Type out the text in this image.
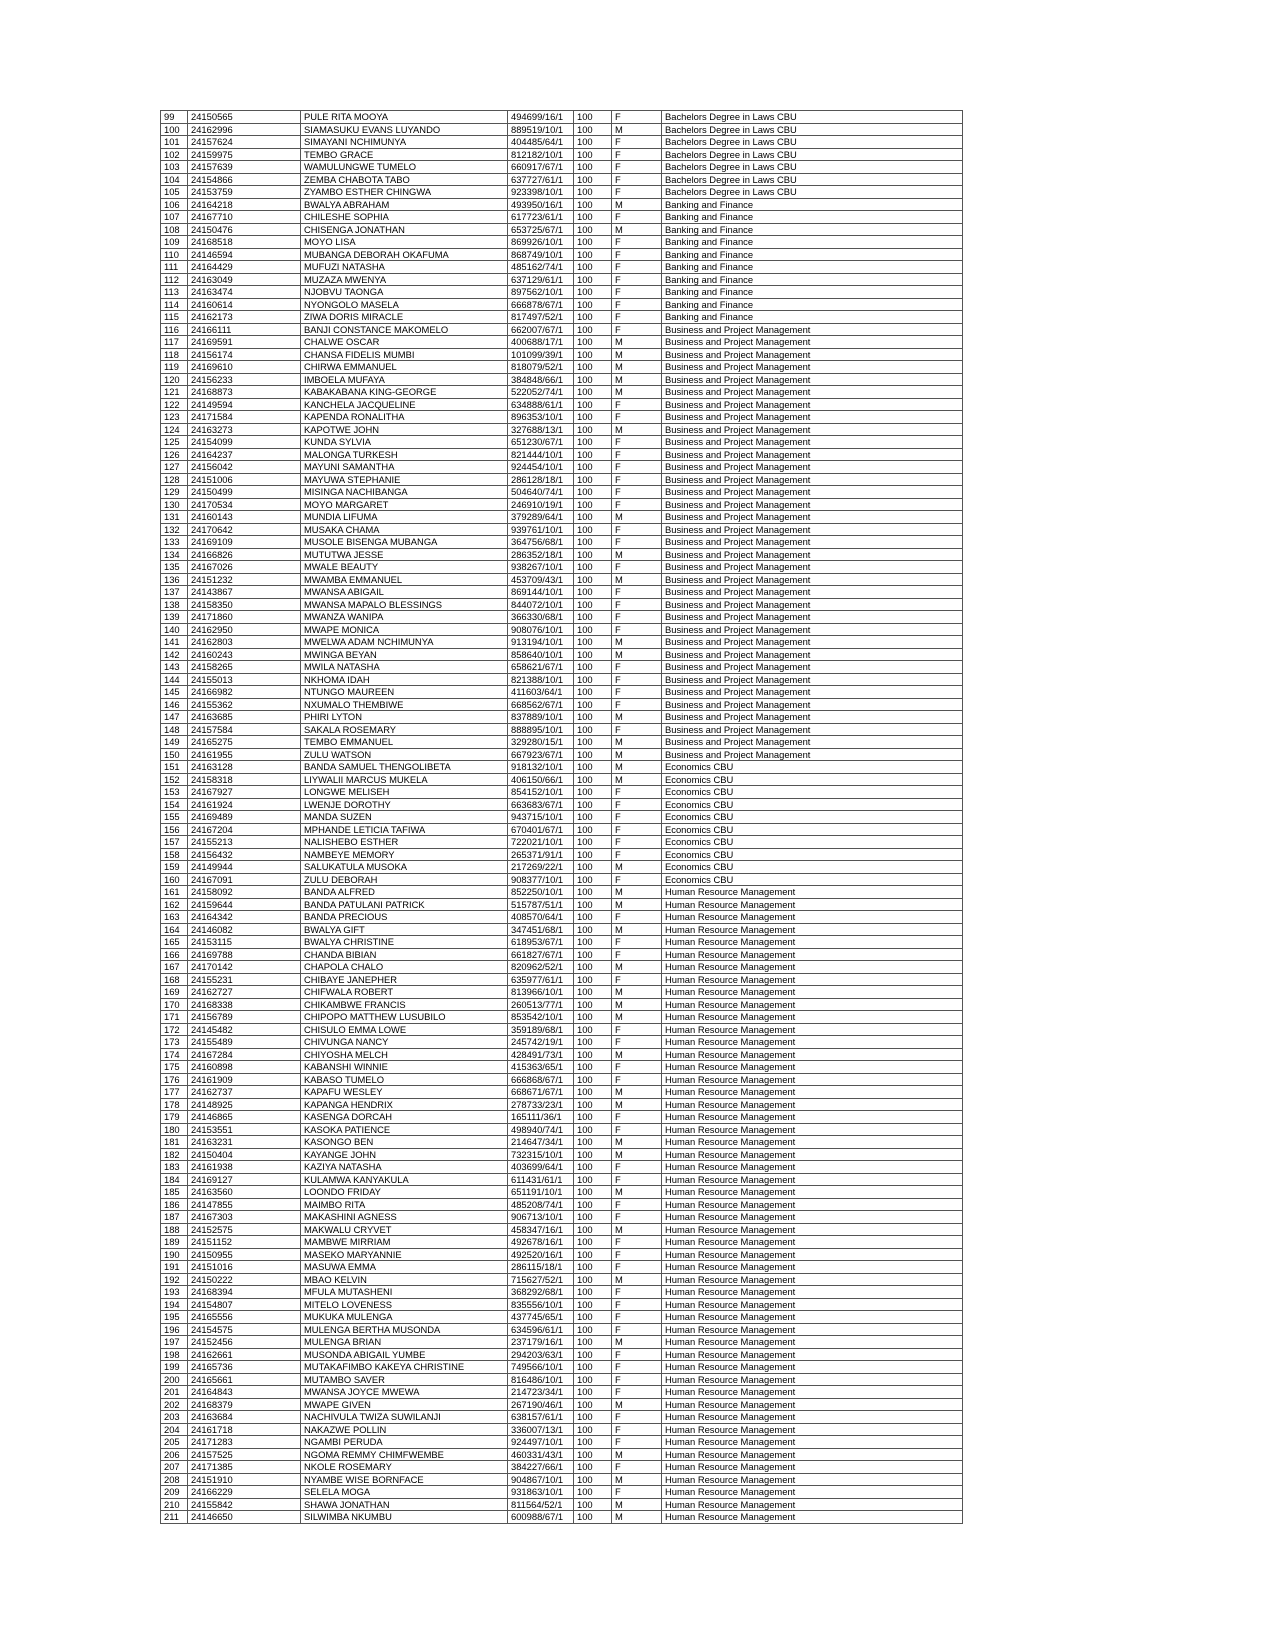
99	24150565	PULE RITA MOOYA	494699/16/1	100	F	Bachelors Degree in Laws CBU
100	24162996	SIAMASUKU EVANS LUYANDO	889519/10/1	100	M	Bachelors Degree in Laws CBU
101	24157624	SIMAYANI NCHIMUNYA	404485/64/1	100	F	Bachelors Degree in Laws CBU
102	24159975	TEMBO GRACE	812182/10/1	100	F	Bachelors Degree in Laws CBU
103	24157639	WAMULUNGWE TUMELO	660917/67/1	100	F	Bachelors Degree in Laws CBU
104	24154866	ZEMBA CHABOTA TABO	637727/61/1	100	F	Bachelors Degree in Laws CBU
105	24153759	ZYAMBO ESTHER CHINGWA	923398/10/1	100	F	Bachelors Degree in Laws CBU
106	24164218	BWALYA ABRAHAM	493950/16/1	100	M	Banking and Finance
107	24167710	CHILESHE SOPHIA	617723/61/1	100	F	Banking and Finance
108	24150476	CHISENGA JONATHAN	653725/67/1	100	M	Banking and Finance
109	24168518	MOYO LISA	869926/10/1	100	F	Banking and Finance
110	24146594	MUBANGA DEBORAH OKAFUMA	868749/10/1	100	F	Banking and Finance
111	24164429	MUFUZI NATASHA	485162/74/1	100	F	Banking and Finance
112	24163049	MUZAZA MWENYA	637129/61/1	100	F	Banking and Finance
113	24163474	NJOBVU TAONGA	897562/10/1	100	F	Banking and Finance
114	24160614	NYONGOLO MASELA	666878/67/1	100	F	Banking and Finance
115	24162173	ZIWA DORIS MIRACLE	817497/52/1	100	F	Banking and Finance
116	24166111	BANJI CONSTANCE MAKOMELO	662007/67/1	100	F	Business and Project Management
117	24169591	CHALWE OSCAR	400688/17/1	100	M	Business and Project Management
118	24156174	CHANSA FIDELIS MUMBI	101099/39/1	100	M	Business and Project Management
119	24169610	CHIRWA EMMANUEL	818079/52/1	100	M	Business and Project Management
120	24156233	IMBOELA MUFAYA	384848/66/1	100	M	Business and Project Management
121	24168873	KABAKABANA KING-GEORGE	522052/74/1	100	M	Business and Project Management
122	24149594	KANCHELA JACQUELINE	634888/61/1	100	F	Business and Project Management
123	24171584	KAPENDA RONALITHA	896353/10/1	100	F	Business and Project Management
124	24163273	KAPOTWE JOHN	327688/13/1	100	M	Business and Project Management
125	24154099	KUNDA SYLVIA	651230/67/1	100	F	Business and Project Management
126	24164237	MALONGA TURKESH	821444/10/1	100	F	Business and Project Management
127	24156042	MAYUNI SAMANTHA	924454/10/1	100	F	Business and Project Management
128	24151006	MAYUWA STEPHANIE	286128/18/1	100	F	Business and Project Management
129	24150499	MISINGA NACHIBANGA	504640/74/1	100	F	Business and Project Management
130	24170534	MOYO MARGARET	246910/19/1	100	F	Business and Project Management
131	24160143	MUNDIA LIFUMA	379289/64/1	100	M	Business and Project Management
132	24170642	MUSAKA CHAMA	939761/10/1	100	F	Business and Project Management
133	24169109	MUSOLE BISENGA MUBANGA	364756/68/1	100	F	Business and Project Management
134	24166826	MUTUTWA JESSE	286352/18/1	100	M	Business and Project Management
135	24167026	MWALE BEAUTY	938267/10/1	100	F	Business and Project Management
136	24151232	MWAMBA EMMANUEL	453709/43/1	100	M	Business and Project Management
137	24143867	MWANSA ABIGAIL	869144/10/1	100	F	Business and Project Management
138	24158350	MWANSA MAPALO BLESSINGS	844072/10/1	100	F	Business and Project Management
139	24171860	MWANZA WANIPA	366330/68/1	100	F	Business and Project Management
140	24162950	MWAPE MONICA	908076/10/1	100	F	Business and Project Management
141	24162803	MWELWA ADAM NCHIMUNYA	913194/10/1	100	M	Business and Project Management
142	24160243	MWINGA BEYAN	858640/10/1	100	M	Business and Project Management
143	24158265	MWILA NATASHA	658621/67/1	100	F	Business and Project Management
144	24155013	NKHOMA IDAH	821388/10/1	100	F	Business and Project Management
145	24166982	NTUNGO MAUREEN	411603/64/1	100	F	Business and Project Management
146	24155362	NXUMALO THEMBIWE	668562/67/1	100	F	Business and Project Management
147	24163685	PHIRI LYTON	837889/10/1	100	M	Business and Project Management
148	24157584	SAKALA ROSEMARY	888895/10/1	100	F	Business and Project Management
149	24165275	TEMBO EMMANUEL	329280/15/1	100	M	Business and Project Management
150	24161955	ZULU WATSON	667923/67/1	100	M	Business and Project Management
151	24163128	BANDA SAMUEL THENGOLIBETA	918132/10/1	100	M	Economics CBU
152	24158318	LIYWALII MARCUS MUKELA	406150/66/1	100	M	Economics CBU
153	24167927	LONGWE MELISEH	854152/10/1	100	F	Economics CBU
154	24161924	LWENJE DOROTHY	663683/67/1	100	F	Economics CBU
155	24169489	MANDA SUZEN	943715/10/1	100	F	Economics CBU
156	24167204	MPHANDE LETICIA TAFIWA	670401/67/1	100	F	Economics CBU
157	24155213	NALISHEBO ESTHER	722021/10/1	100	F	Economics CBU
158	24156432	NAMBEYE MEMORY	265371/91/1	100	F	Economics CBU
159	24149944	SALUKATULA MUSOKA	217269/22/1	100	M	Economics CBU
160	24167091	ZULU DEBORAH	908377/10/1	100	F	Economics CBU
161	24158092	BANDA ALFRED	852250/10/1	100	M	Human Resource Management
162	24159644	BANDA PATULANI PATRICK	515787/51/1	100	M	Human Resource Management
163	24164342	BANDA PRECIOUS	408570/64/1	100	F	Human Resource Management
164	24146082	BWALYA GIFT	347451/68/1	100	M	Human Resource Management
165	24153115	BWALYA CHRISTINE	618953/67/1	100	F	Human Resource Management
166	24169788	CHANDA BIBIAN	661827/67/1	100	F	Human Resource Management
167	24170142	CHAPOLA CHALO	820962/52/1	100	M	Human Resource Management
168	24155231	CHIBAYE JANEPHER	635977/61/1	100	F	Human Resource Management
169	24162727	CHIFWALA ROBERT	813966/10/1	100	M	Human Resource Management
170	24168338	CHIKAMBWE FRANCIS	260513/77/1	100	M	Human Resource Management
171	24156789	CHIPOPO MATTHEW LUSUBILO	853542/10/1	100	M	Human Resource Management
172	24145482	CHISULO EMMA LOWE	359189/68/1	100	F	Human Resource Management
173	24155489	CHIVUNGA NANCY	245742/19/1	100	F	Human Resource Management
174	24167284	CHIYOSHA MELCH	428491/73/1	100	M	Human Resource Management
175	24160898	KABANSHI WINNIE	415363/65/1	100	F	Human Resource Management
176	24161909	KABASO TUMELO	666868/67/1	100	F	Human Resource Management
177	24162737	KAPAFU WESLEY	668671/67/1	100	M	Human Resource Management
178	24148925	KAPANGA HENDRIX	278733/23/1	100	M	Human Resource Management
179	24146865	KASENGA DORCAH	165111/36/1	100	F	Human Resource Management
180	24153551	KASOKA PATIENCE	498940/74/1	100	F	Human Resource Management
181	24163231	KASONGO BEN	214647/34/1	100	M	Human Resource Management
182	24150404	KAYANGE JOHN	732315/10/1	100	M	Human Resource Management
183	24161938	KAZIYA NATASHA	403699/64/1	100	F	Human Resource Management
184	24169127	KULAMWA KANYAKULA	611431/61/1	100	F	Human Resource Management
185	24163560	LOONDO FRIDAY	651191/10/1	100	M	Human Resource Management
186	24147855	MAIMBO RITA	485208/74/1	100	F	Human Resource Management
187	24167303	MAKASHINI AGNESS	906713/10/1	100	F	Human Resource Management
188	24152575	MAKWALU CRYVET	458347/16/1	100	M	Human Resource Management
189	24151152	MAMBWE MIRRIAM	492678/16/1	100	F	Human Resource Management
190	24150955	MASEKO MARYANNIE	492520/16/1	100	F	Human Resource Management
191	24151016	MASUWA EMMA	286115/18/1	100	F	Human Resource Management
192	24150222	MBAO KELVIN	715627/52/1	100	M	Human Resource Management
193	24168394	MFULA MUTASHENI	368292/68/1	100	F	Human Resource Management
194	24154807	MITELO LOVENESS	835556/10/1	100	F	Human Resource Management
195	24165556	MUKUKA MULENGA	437745/65/1	100	F	Human Resource Management
196	24154575	MULENGA BERTHA MUSONDA	634596/61/1	100	F	Human Resource Management
197	24152456	MULENGA BRIAN	237179/16/1	100	M	Human Resource Management
198	24162661	MUSONDA ABIGAIL YUMBE	294203/63/1	100	F	Human Resource Management
199	24165736	MUTAKAFIMBO KAKEYA CHRISTINE	749566/10/1	100	F	Human Resource Management
200	24165661	MUTAMBO SAVER	816486/10/1	100	F	Human Resource Management
201	24164843	MWANSA JOYCE MWEWA	214723/34/1	100	F	Human Resource Management
202	24168379	MWAPE GIVEN	267190/46/1	100	M	Human Resource Management
203	24163684	NACHIVULA TWIZA SUWILANJI	638157/61/1	100	F	Human Resource Management
204	24161718	NAKAZWE POLLIN	336007/13/1	100	F	Human Resource Management
205	24171283	NGAMBI PERUDA	924497/10/1	100	F	Human Resource Management
206	24157525	NGOMA REMMY CHIMFWEMBE	460331/43/1	100	M	Human Resource Management
207	24171385	NKOLE ROSEMARY	384227/66/1	100	F	Human Resource Management
208	24151910	NYAMBE WISE BORNFACE	904867/10/1	100	M	Human Resource Management
209	24166229	SELELA MOGA	931863/10/1	100	F	Human Resource Management
210	24155842	SHAWA JONATHAN	811564/52/1	100	M	Human Resource Management
211	24146650	SILWIMBA NKUMBU	600988/67/1	100	M	Human Resource Management
